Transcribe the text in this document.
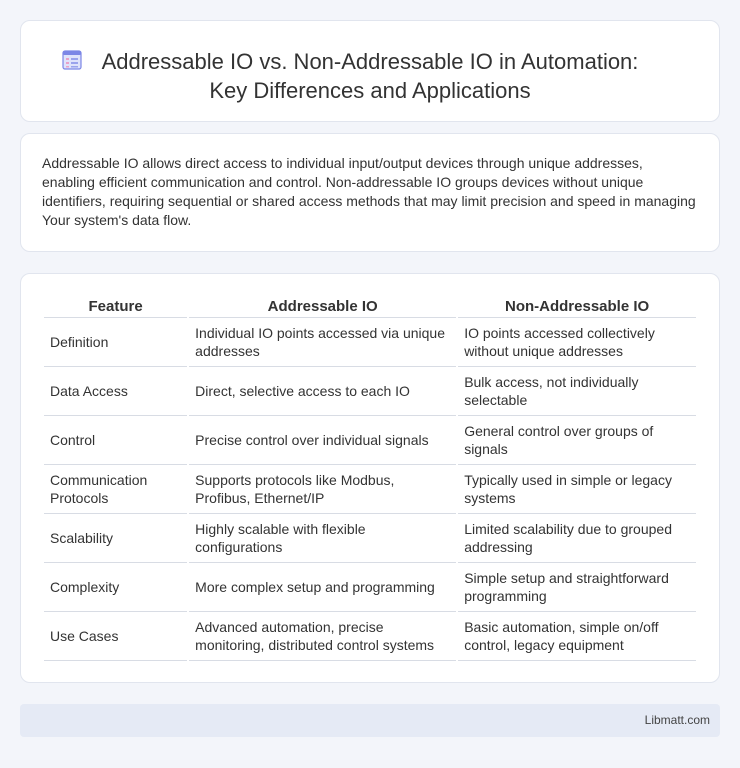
Addressable IO vs. Non-Addressable IO in Automation:
Key Differences and Applications

Addressable IO allows direct access to individual input/output devices through unique addresses, enabling efficient communication and control. Non-addressable IO groups devices without unique identifiers, requiring sequential or shared access methods that may limit precision and speed in managing Your system's data flow.

Feature	Addressable IO	Non-Addressable IO
Definition	Individual IO points accessed via unique addresses	IO points accessed collectively without unique addresses
Data Access	Direct, selective access to each IO	Bulk access, not individually selectable
Control	Precise control over individual signals	General control over groups of signals
Communication Protocols	Supports protocols like Modbus, Profibus, Ethernet/IP	Typically used in simple or legacy systems
Scalability	Highly scalable with flexible configurations	Limited scalability due to grouped addressing
Complexity	More complex setup and programming	Simple setup and straightforward programming
Use Cases	Advanced automation, precise monitoring, distributed control systems	Basic automation, simple on/off control, legacy equipment
Libmatt.com
